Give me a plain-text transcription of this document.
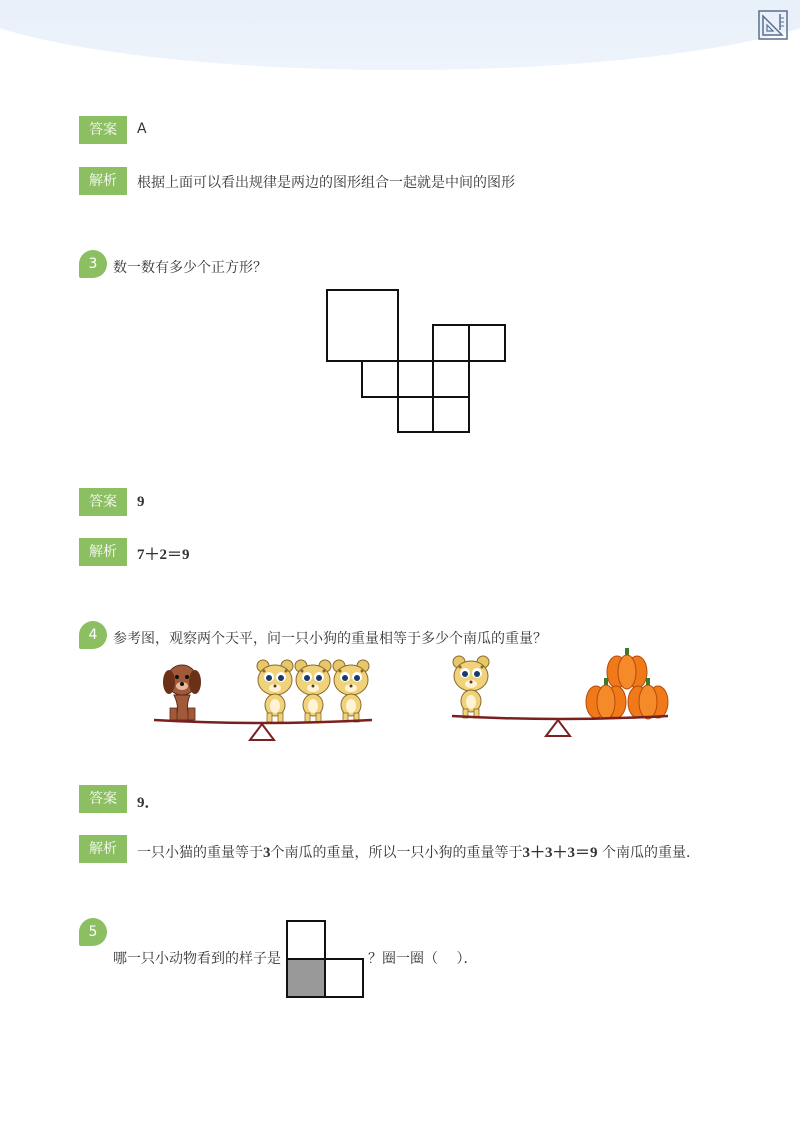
答案	A
解析	根据上面可以看出规律是两边的图形组合一起就是中间的图形
3	数一数有多少个正方形？
答案	9
解析	7＋2＝9
4	参考图，观察两个天平，问一只小狗的重量相等于多少个南瓜的重量？
答案	9．
解析	一只小猫的重量等于3个南瓜的重量，所以一只小狗的重量等于3＋3＋3＝9 个南瓜的重量．
5
哪一只小动物看到的样子是	？圈一圈（　 ）．
